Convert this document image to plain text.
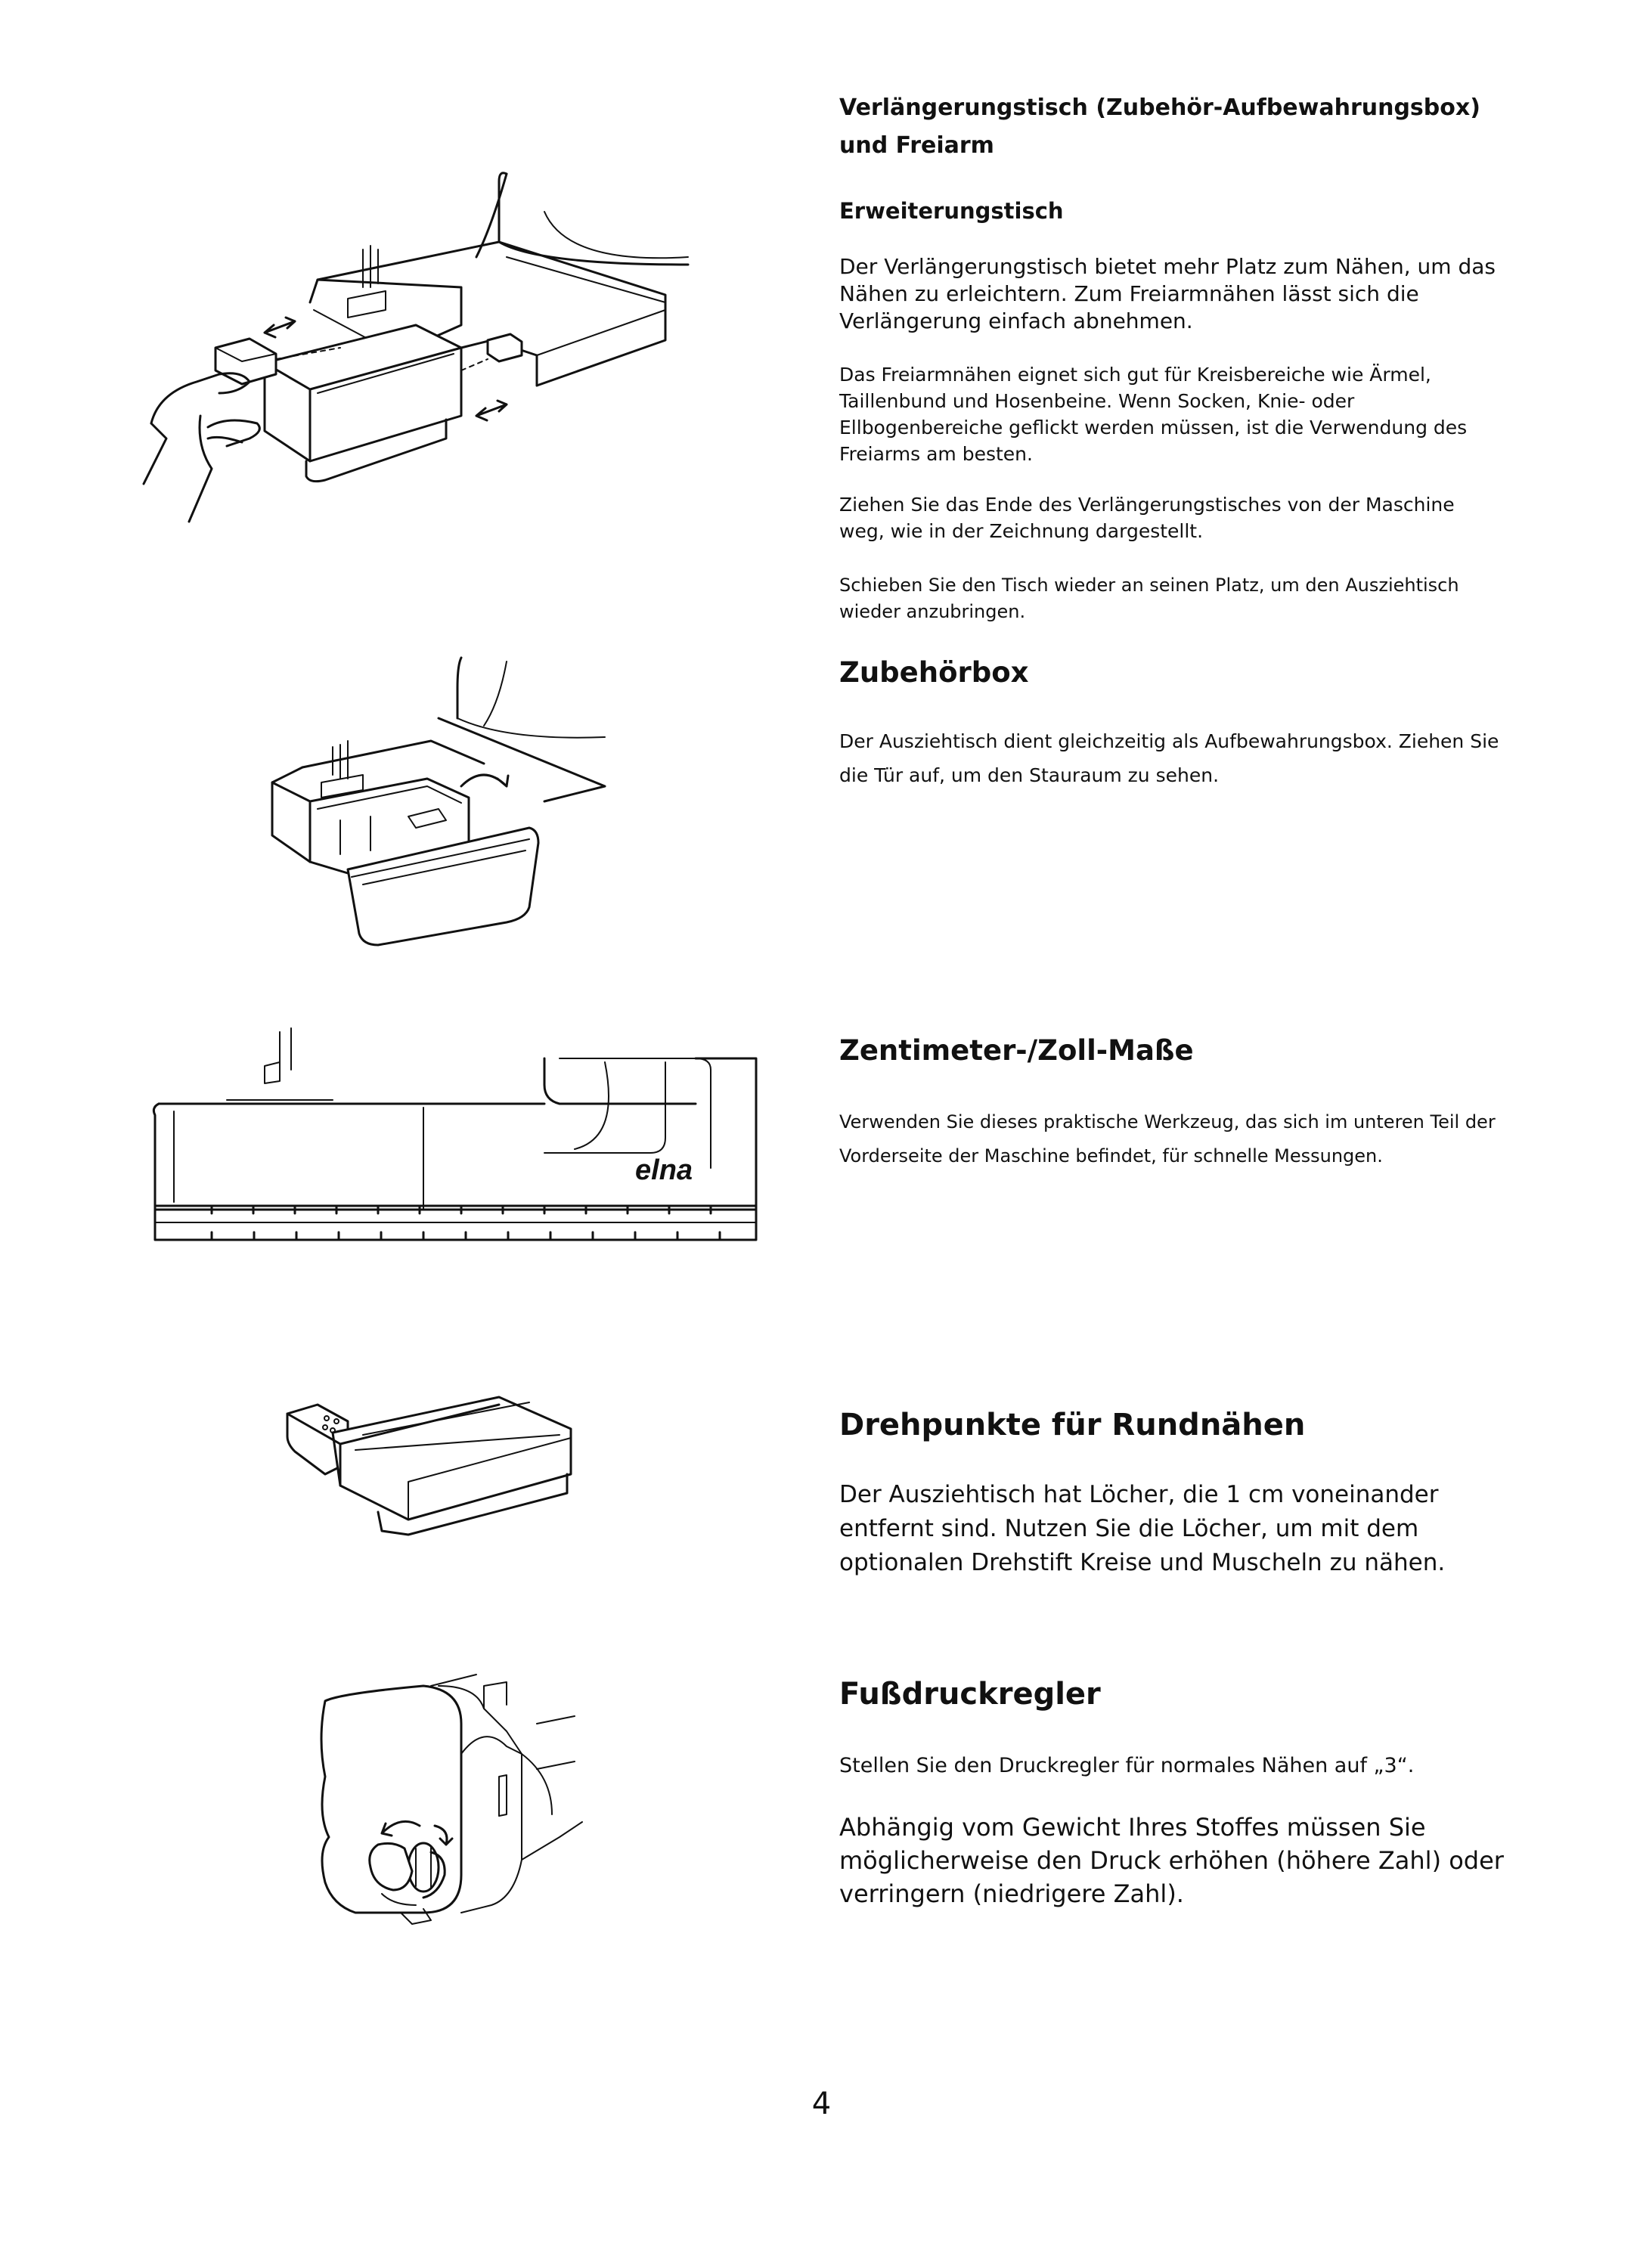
Verlängerungstisch (Zubehör-Aufbewahrungsbox) und Freiarm
Erweiterungstisch

Der Verlängerungstisch bietet mehr Platz zum Nähen, um das Nähen zu erleichtern. Zum Freiarmnähen lässt sich die Verlängerung einfach abnehmen.

Das Freiarmnähen eignet sich gut für Kreisbereiche wie Ärmel, Taillenbund und Hosenbeine. Wenn Socken, Knie- oder Ellbogenbereiche geflickt werden müssen, ist die Verwendung des Freiarms am besten.

Ziehen Sie das Ende des Verlängerungstisches von der Maschine weg, wie in der Zeichnung dargestellt.

Schieben Sie den Tisch wieder an seinen Platz, um den Ausziehtisch wieder anzubringen.

Zubehörbox

Der Ausziehtisch dient gleichzeitig als Aufbewahrungsbox. Ziehen Sie die Tür auf, um den Stauraum zu sehen.

Zentimeter-/Zoll-Maße

Verwenden Sie dieses praktische Werkzeug, das sich im unteren Teil der Vorderseite der Maschine befindet, für schnelle Messungen.

elna
Drehpunkte für Rundnähen

Der Ausziehtisch hat Löcher, die 1 cm voneinander entfernt sind. Nutzen Sie die Löcher, um mit dem optionalen Drehstift Kreise und Muscheln zu nähen.

Fußdruckregler

Stellen Sie den Druckregler für normales Nähen auf „3“.

Abhängig vom Gewicht Ihres Stoffes müssen Sie möglicherweise den Druck erhöhen (höhere Zahl) oder verringern (niedrigere Zahl).

4
